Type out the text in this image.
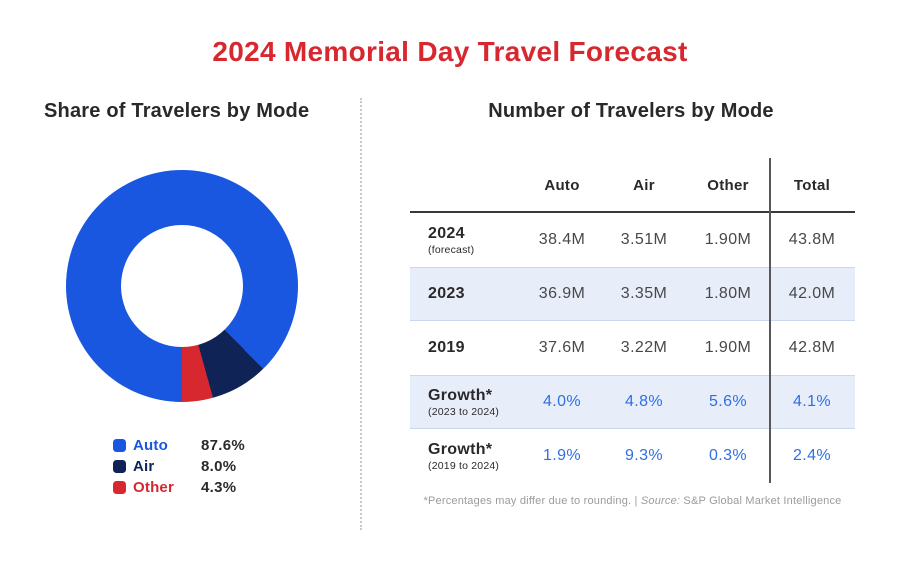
2024 Memorial Day Travel Forecast
Share of Travelers by Mode
Auto	87.6%
Air	8.0%
Other	4.3%
Number of Travelers by Mode
Auto	Air	Other	Total
2024
(forecast)
38.4M	3.51M	1.90M	43.8M
2023	36.9M	3.35M	1.80M	42.0M
2019	37.6M	3.22M	1.90M	42.8M
Growth*
(2023 to 2024)
4.0%	4.8%	5.6%	4.1%
Growth*
(2019 to 2024)
1.9%	9.3%	0.3%	2.4%
*Percentages may differ due to rounding. | Source: S&P Global Market Intelligence
